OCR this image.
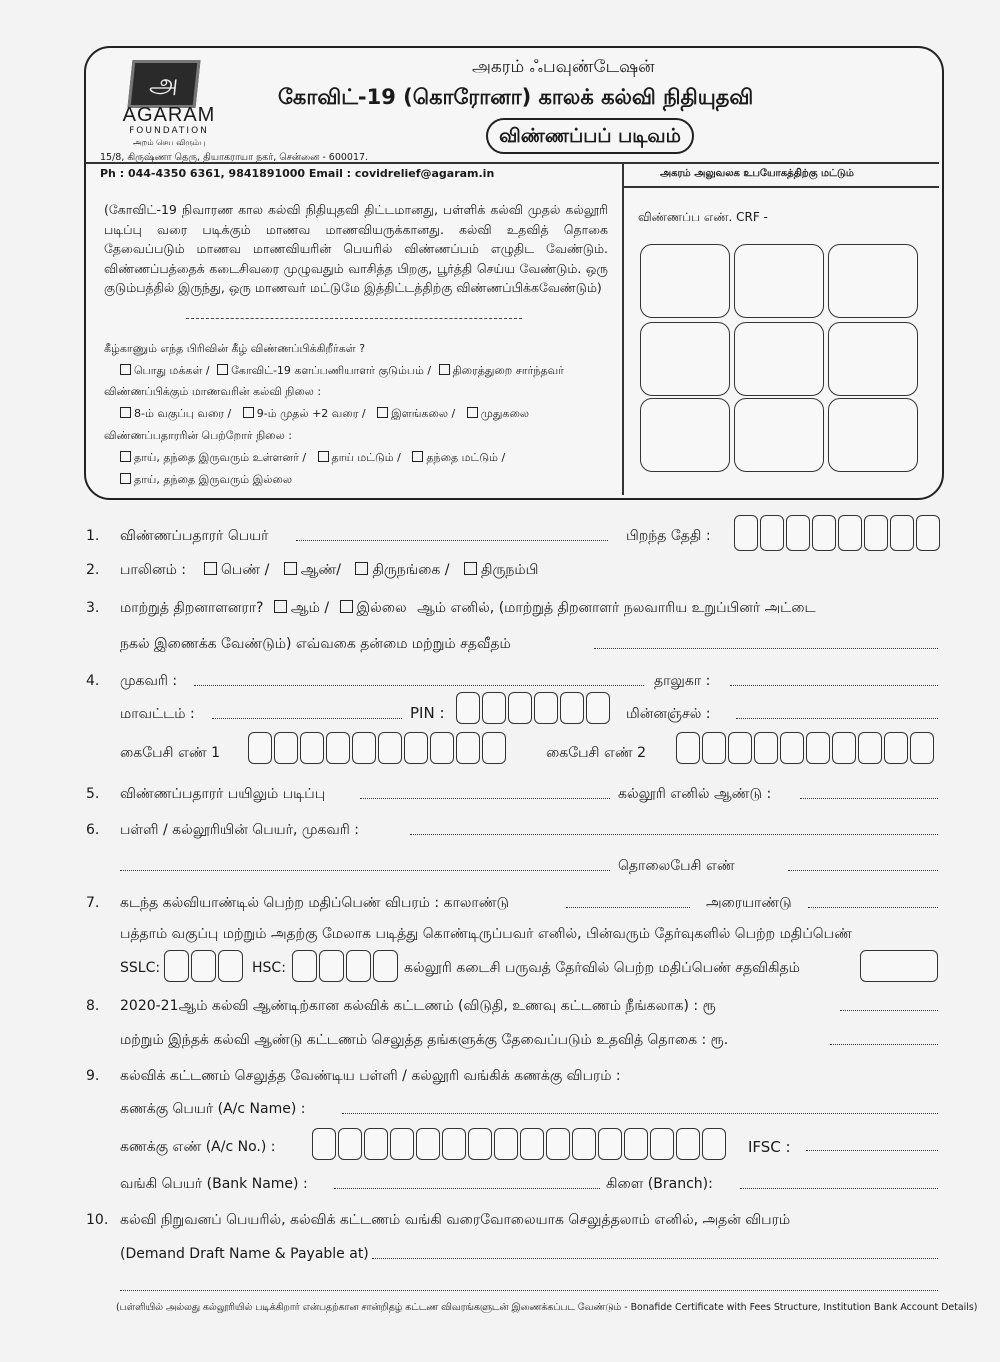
அ
AGARAM
FOUNDATION
அறம் செய விரும்பு
அகரம் ஃபவுண்டேஷன்
கோவிட்-19 (கொரோனா) காலக் கல்வி நிதியுதவி
விண்ணப்பப் படிவம்
15/8, கிருஷ்ணா தெரு, தியாகராயா நகர், சென்னை - 600017.
Ph : 044-4350 6361, 9841891000 Email : covidrelief@agaram.in	அகரம் அலுவலக உபயோகத்திற்கு மட்டும்
விண்ணப்ப எண். CRF -
(கோவிட்-19 நிவாரண கால கல்வி நிதியுதவி திட்டமானது, பள்ளிக் கல்வி முதல் கல்லூரி படிப்பு வரை படிக்கும் மாணவ மாணவியருக்கானது. கல்வி உதவித் தொகை தேவைப்படும் மாணவ மாணவியரின் பெயரில் விண்ணப்பம் எழுதிட வேண்டும். விண்ணப்பத்தைக் கடைசிவரை முழுவதும் வாசித்த பிறகு, பூர்த்தி செய்ய வேண்டும். ஒரு குடும்பத்தில் இருந்து, ஒரு மாணவர் மட்டுமே இத்திட்டத்திற்கு விண்ணப்பிக்கவேண்டும்)
கீழ்காணும் எந்த பிரிவின் கீழ் விண்ணப்பிக்கிறீர்கள் ?
பொது மக்கள் / கோவிட்-19 களப்பணியாளர் குடும்பம் / திரைத்துறை சார்ந்தவர்
விண்ணப்பிக்கும் மாணவரின் கல்வி நிலை :
8-ம் வகுப்பு வரை / 9-ம் முதல் +2 வரை / இளங்கலை / முதுகலை
விண்ணப்பதாரரின் பெற்றோர் நிலை :
தாய், தந்தை இருவரும் உள்ளனர் / தாய் மட்டும் / தந்தை மட்டும் /
தாய், தந்தை இருவரும் இல்லை
1. விண்ணப்பதாரர் பெயர்	பிறந்த தேதி :
2. பாலினம் :	பெண் / ஆண்/ திருநங்கை / திருநம்பி
3. மாற்றுத் திறனாளனரா? ஆம் / இல்லை ஆம் எனில், (மாற்றுத் திறனாளர் நலவாரிய உறுப்பினர் அட்டை
நகல் இணைக்க வேண்டும்) எவ்வகை தன்மை மற்றும் சதவீதம்
4. முகவரி :	தாலுகா :
மாவட்டம் :	PIN :	மின்னஞ்சல் :
கைபேசி எண் 1	கைபேசி எண் 2
5. விண்ணப்பதாரர் பயிலும் படிப்பு	கல்லூரி எனில் ஆண்டு :
6. பள்ளி / கல்லூரியின் பெயர், முகவரி :
தொலைபேசி எண்
7. கடந்த கல்வியாண்டில் பெற்ற மதிப்பெண் விபரம் : காலாண்டு	அரையாண்டு
பத்தாம் வகுப்பு மற்றும் அதற்கு மேலாக படித்து கொண்டிருப்பவர் எனில், பின்வரும் தேர்வுகளில் பெற்ற மதிப்பெண்
SSLC:	HSC:	கல்லூரி கடைசி பருவத் தேர்வில் பெற்ற மதிப்பெண் சதவிகிதம்
8. 2020-21ஆம் கல்வி ஆண்டிற்கான கல்விக் கட்டணம் (விடுதி, உணவு கட்டணம் நீங்கலாக) : ரூ
மற்றும் இந்தக் கல்வி ஆண்டு கட்டணம் செலுத்த தங்களுக்கு தேவைப்படும் உதவித் தொகை : ரூ.
9. கல்விக் கட்டணம் செலுத்த வேண்டிய பள்ளி / கல்லூரி வங்கிக் கணக்கு விபரம் :
கணக்கு பெயர் (A/c Name) :
கணக்கு எண் (A/c No.) :	IFSC :
வங்கி பெயர் (Bank Name) :	கிளை (Branch):
10. கல்வி நிறுவனப் பெயரில், கல்விக் கட்டணம் வங்கி வரைவோலையாக செலுத்தலாம் எனில், அதன் விபரம்
(Demand Draft Name & Payable at)
(பள்ளியில் அல்லது கல்லூரியில் படிக்கிறார் என்பதற்கான சான்றிதழ் கட்டண விவரங்களுடன் இணைக்கப்பட வேண்டும் - Bonafide Certificate with Fees Structure, Institution Bank Account Details)
